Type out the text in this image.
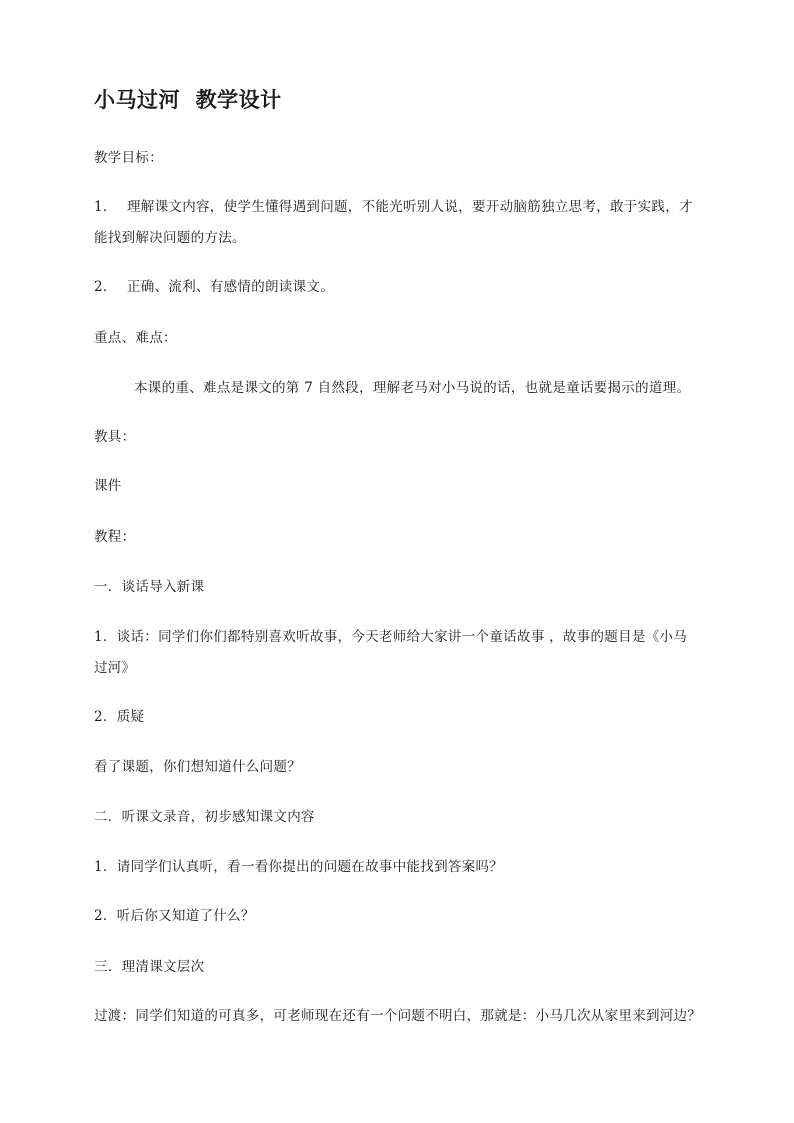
小马过河  教学设计
教学目标：
1． 理解课文内容，使学生懂得遇到问题，不能光听别人说，要开动脑筋独立思考，敢于实践，才
能找到解决问题的方法。
2． 正确、流利、有感情的朗读课文。
重点、难点：
本课的重、难点是课文的第 7 自然段，理解老马对小马说的话，也就是童话要揭示的道理。
教具：
课件
教程：
一．谈话导入新课
1．谈话：同学们你们都特别喜欢听故事，今天老师给大家讲一个童话故事 ，故事的题目是《小马
过河》
2．质疑
看了课题，你们想知道什么问题？
二．听课文录音，初步感知课文内容
1．请同学们认真听，看一看你提出的问题在故事中能找到答案吗？
2．听后你又知道了什么？
三．理清课文层次
过渡：同学们知道的可真多，可老师现在还有一个问题不明白，那就是：小马几次从家里来到河边？
